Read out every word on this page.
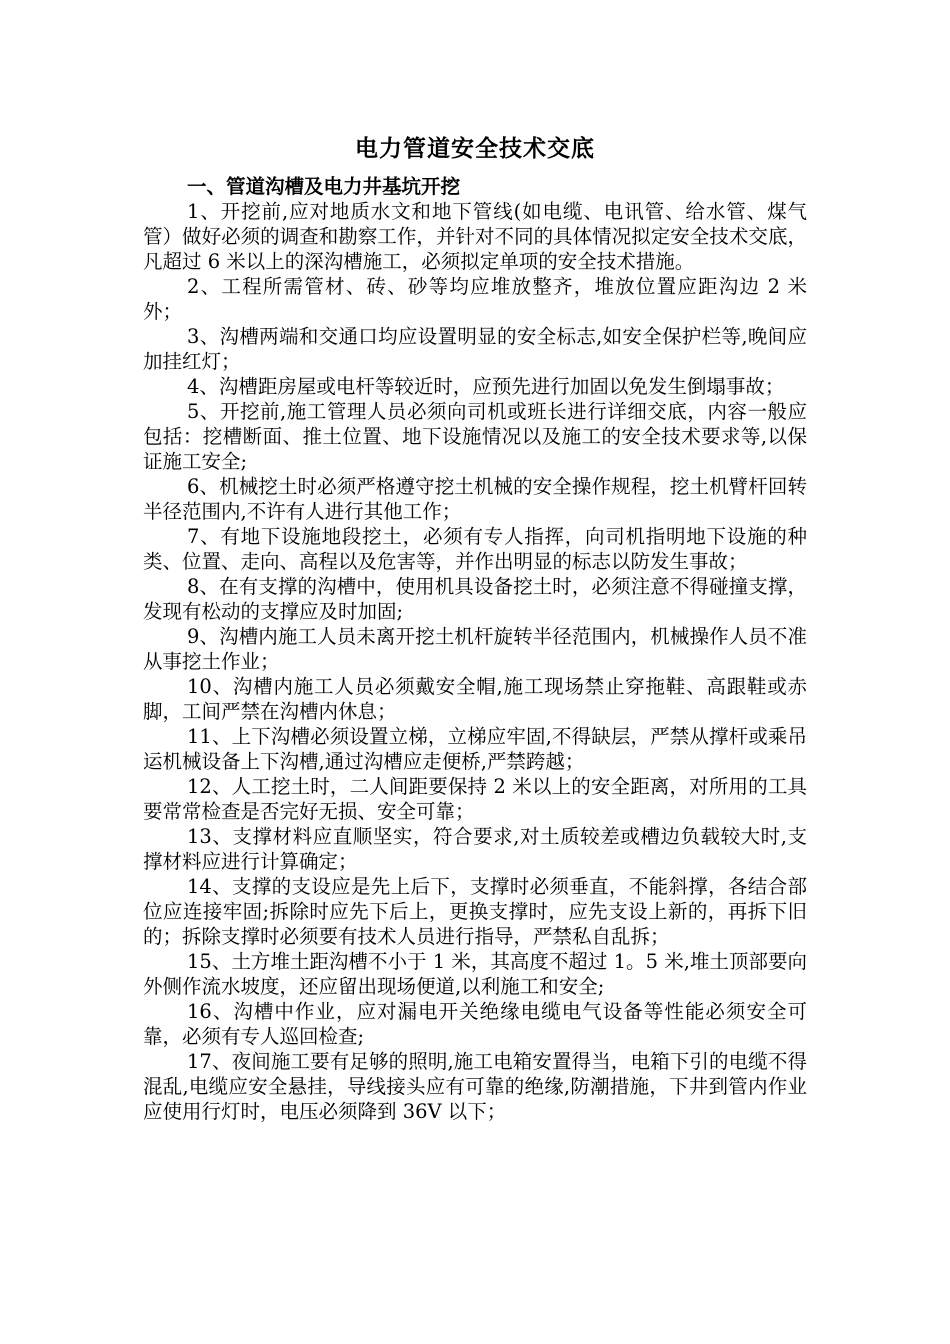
电力管道安全技术交底

一、管道沟槽及电力井基坑开挖

1、开挖前,应对地质水文和地下管线(如电缆、电讯管、给水管、煤气管）做好必须的调查和勘察工作，并针对不同的具体情况拟定安全技术交底，凡超过 6 米以上的深沟槽施工，必须拟定单项的安全技术措施。

2、工程所需管材、砖、砂等均应堆放整齐，堆放位置应距沟边 2 米外；

3、沟槽两端和交通口均应设置明显的安全标志,如安全保护栏等,晚间应加挂红灯；

4、沟槽距房屋或电杆等较近时，应预先进行加固以免发生倒塌事故；

5、开挖前,施工管理人员必须向司机或班长进行详细交底，内容一般应包括：挖槽断面、推土位置、地下设施情况以及施工的安全技术要求等,以保证施工安全;

6、机械挖土时必须严格遵守挖土机械的安全操作规程，挖土机臂杆回转半径范围内,不许有人进行其他工作；

7、有地下设施地段挖土，必须有专人指挥，向司机指明地下设施的种类、位置、走向、高程以及危害等，并作出明显的标志以防发生事故；

8、在有支撑的沟槽中，使用机具设备挖土时，必须注意不得碰撞支撑，发现有松动的支撑应及时加固;

9、沟槽内施工人员未离开挖土机杆旋转半径范围内，机械操作人员不准从事挖土作业；

10、沟槽内施工人员必须戴安全帽,施工现场禁止穿拖鞋、高跟鞋或赤脚，工间严禁在沟槽内休息；

11、上下沟槽必须设置立梯，立梯应牢固,不得缺层，严禁从撑杆或乘吊运机械设备上下沟槽,通过沟槽应走便桥,严禁跨越；

12、人工挖土时，二人间距要保持 2 米以上的安全距离，对所用的工具要常常检查是否完好无损、安全可靠；

13、支撑材料应直顺坚实，符合要求,对土质较差或槽边负载较大时,支撑材料应进行计算确定；

14、支撑的支设应是先上后下，支撑时必须垂直，不能斜撑，各结合部位应连接牢固;拆除时应先下后上，更换支撑时，应先支设上新的，再拆下旧的；拆除支撑时必须要有技术人员进行指导，严禁私自乱拆；

15、土方堆土距沟槽不小于 1 米，其高度不超过 1。5 米,堆土顶部要向外侧作流水坡度，还应留出现场便道,以利施工和安全;

16、沟槽中作业，应对漏电开关绝缘电缆电气设备等性能必须安全可靠，必须有专人巡回检查;

17、夜间施工要有足够的照明,施工电箱安置得当，电箱下引的电缆不得混乱,电缆应安全悬挂，导线接头应有可靠的绝缘,防潮措施，下井到管内作业应使用行灯时，电压必须降到 36V 以下；
